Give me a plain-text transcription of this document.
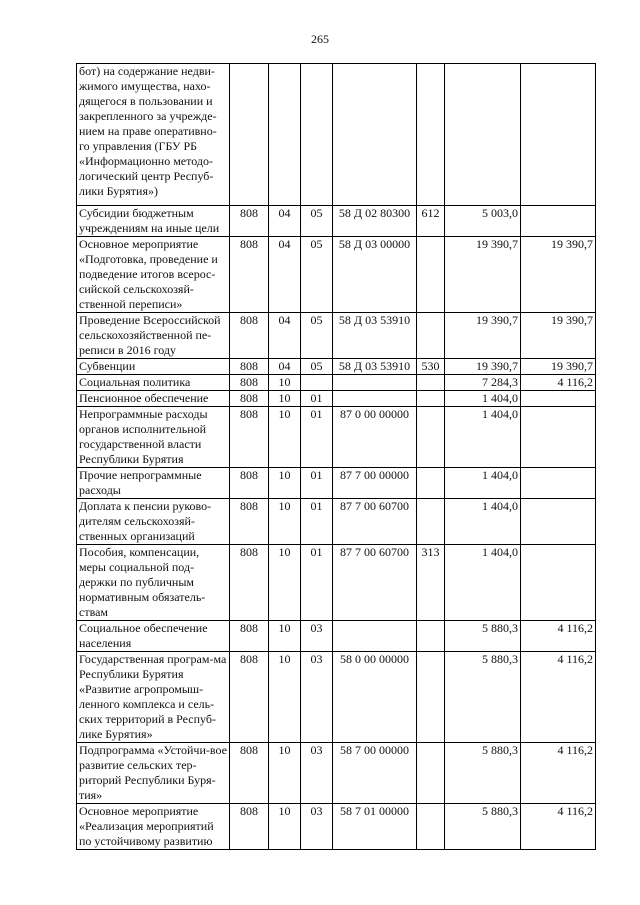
265
бот) на содержание недви-жимого имущества, нахо-дящегося в пользовании и закрепленного за учрежде-нием на праве оперативно-го управления (ГБУ РБ «Информационно методо-логический центр Респуб-лики Бурятия»)							
Субсидии бюджетным учреждениям на иные цели	808	04	05	58 Д 02 80300	612	5 003,0	
Основное мероприятие «Подготовка, проведение и подведение итогов всерос-сийской сельскохозяй-ственной переписи»	808	04	05	58 Д 03 00000		19 390,7	19 390,7
Проведение Всероссийской сельскохозяйственной пе-реписи в 2016 году	808	04	05	58 Д 03 53910		19 390,7	19 390,7
Субвенции	808	04	05	58 Д 03 53910	530	19 390,7	19 390,7
Социальная политика	808	10				7 284,3	4 116,2
Пенсионное обеспечение	808	10	01			1 404,0	
Непрограммные расходы органов исполнительной государственной власти Республики Бурятия	808	10	01	87 0 00 00000		1 404,0	
Прочие непрограммные расходы	808	10	01	87 7 00 00000		1 404,0	
Доплата к пенсии руково-дителям сельскохозяй-ственных организаций	808	10	01	87 7 00 60700		1 404,0	
Пособия, компенсации, меры социальной под-держки по публичным нормативным обязатель-ствам	808	10	01	87 7 00 60700	313	1 404,0	
Социальное обеспечение населения	808	10	03			5 880,3	4 116,2
Государственная програм-ма Республики Бурятия «Развитие агропромыш-ленного комплекса и сель-ских территорий в Респуб-лике Бурятия»	808	10	03	58 0 00 00000		5 880,3	4 116,2
Подпрограмма «Устойчи-вое развитие сельских тер-риторий Республики Буря-тия»	808	10	03	58 7 00 00000		5 880,3	4 116,2
Основное мероприятие «Реализация мероприятий по устойчивому развитию	808	10	03	58 7 01 00000		5 880,3	4 116,2
